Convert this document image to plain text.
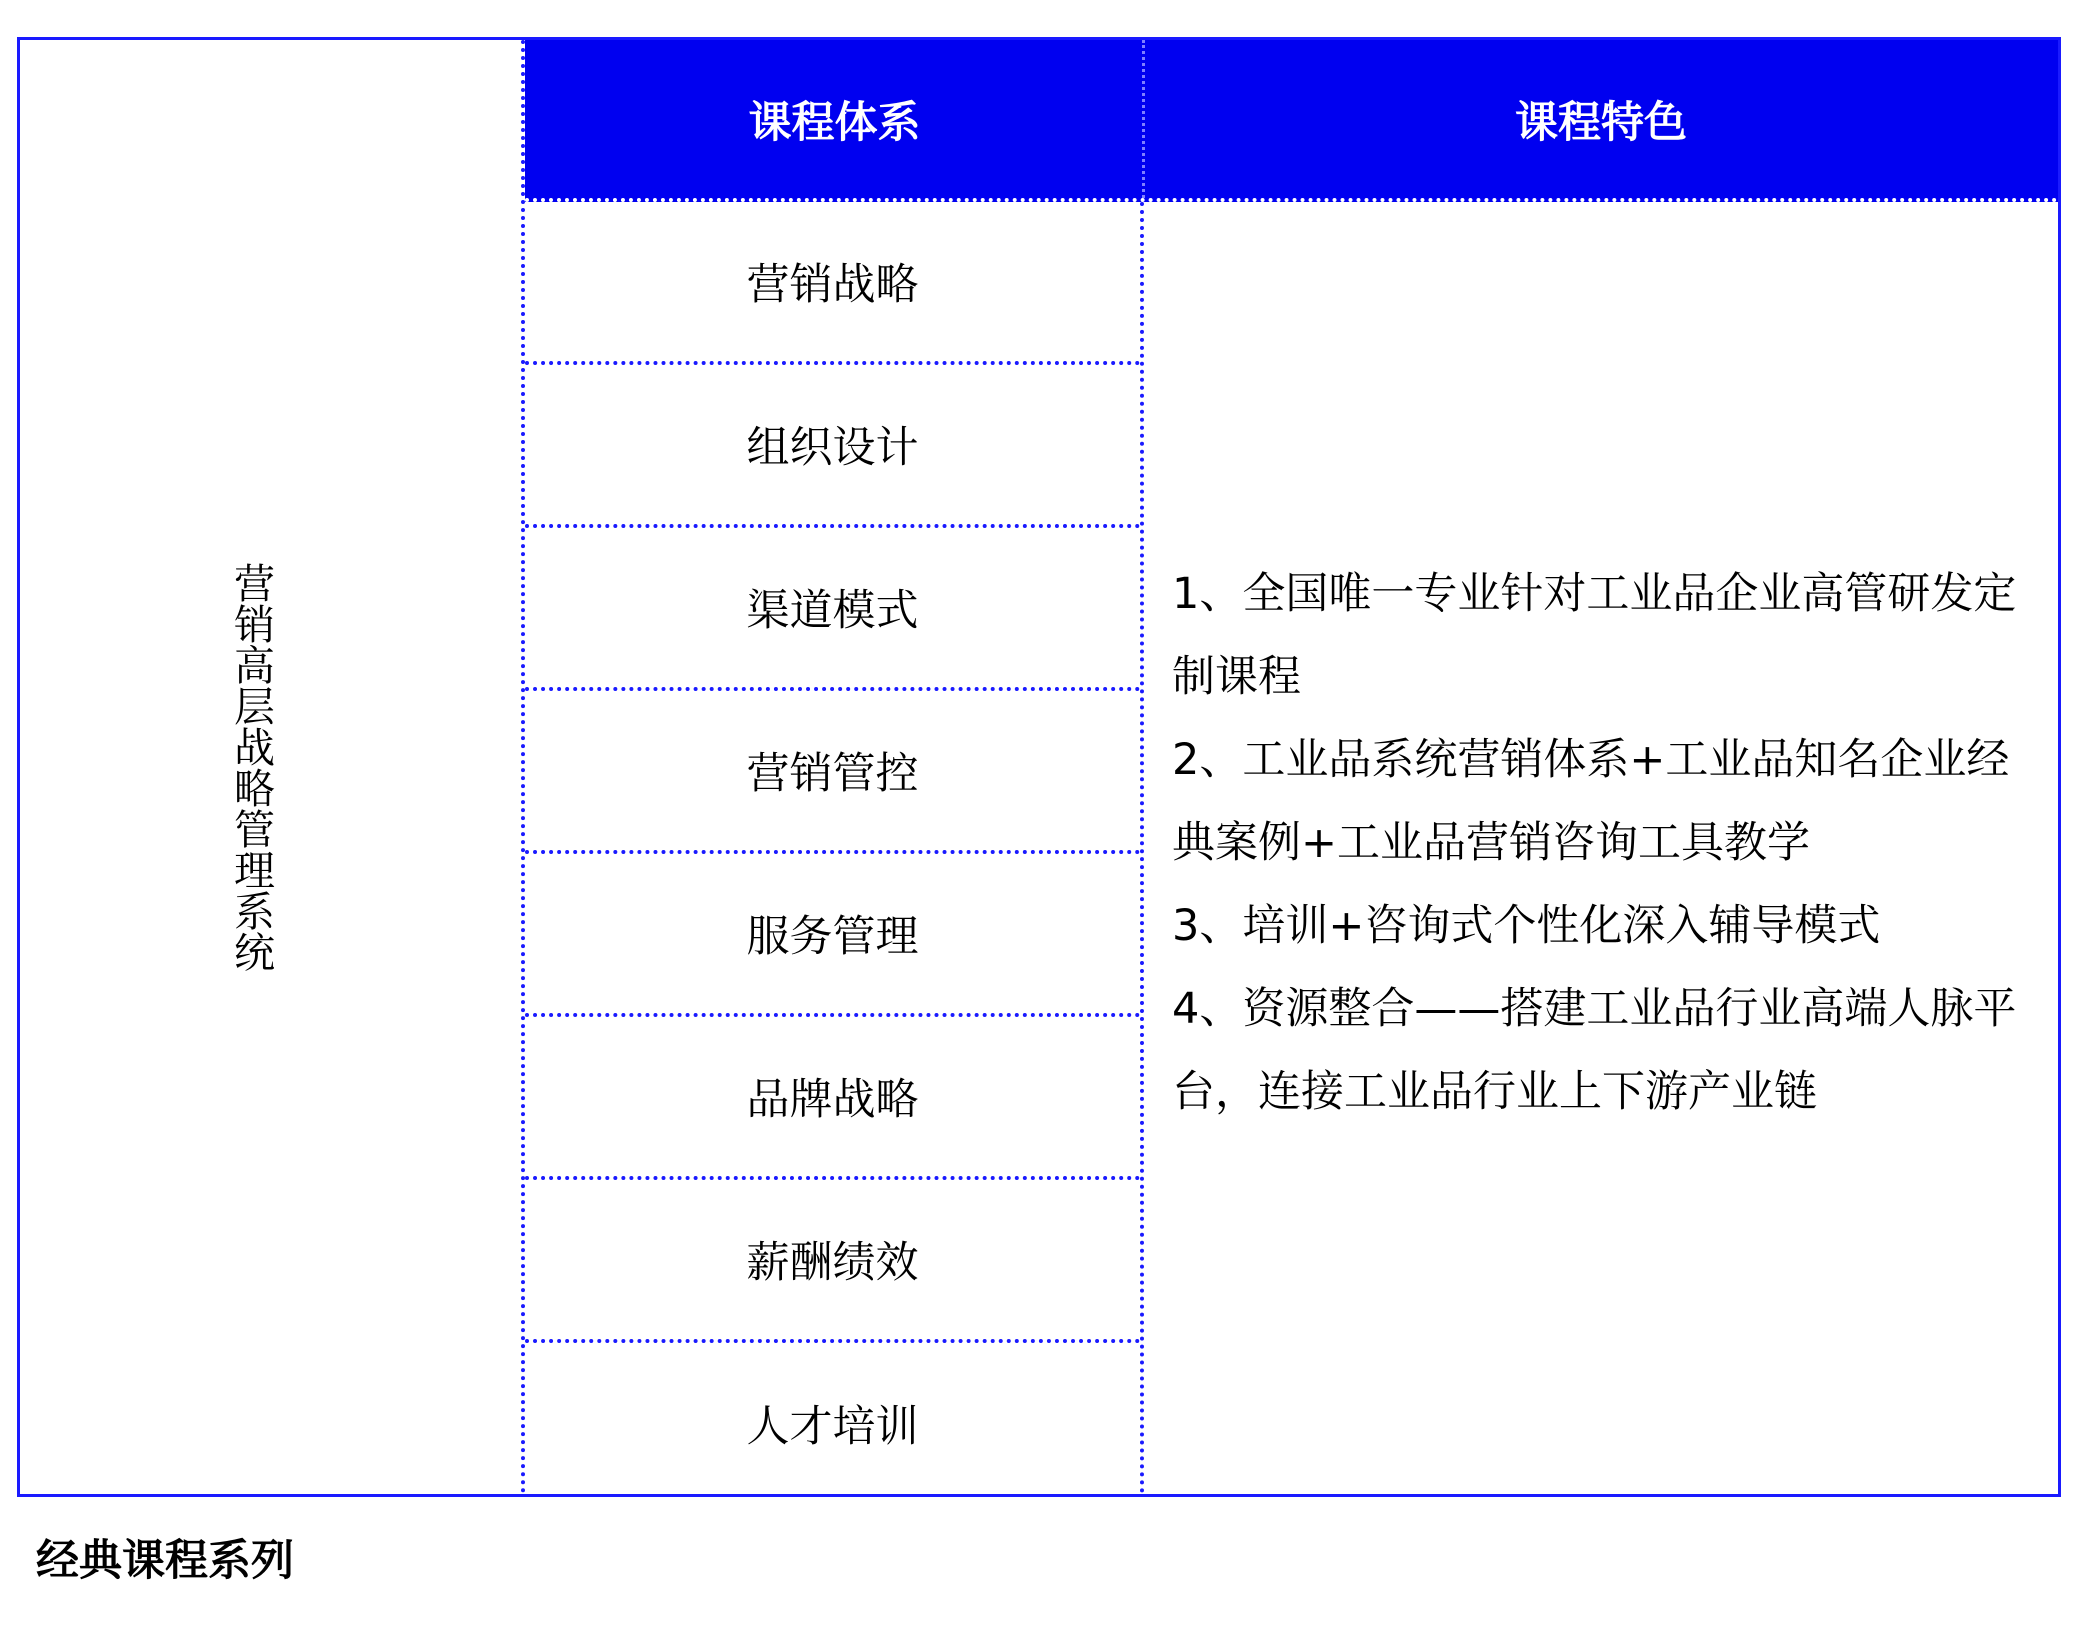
营销高层战略管理系统
课程体系	课程特色
营销战略
组织设计
渠道模式
营销管控
服务管理
品牌战略
薪酬绩效
人才培训
1、全国唯一专业针对工业品企业高管研发定制课程
2、工业品系统营销体系+工业品知名企业经典案例+工业品营销咨询工具教学
3、培训+咨询式个性化深入辅导模式
4、资源整合——搭建工业品行业高端人脉平台，连接工业品行业上下游产业链
经典课程系列
